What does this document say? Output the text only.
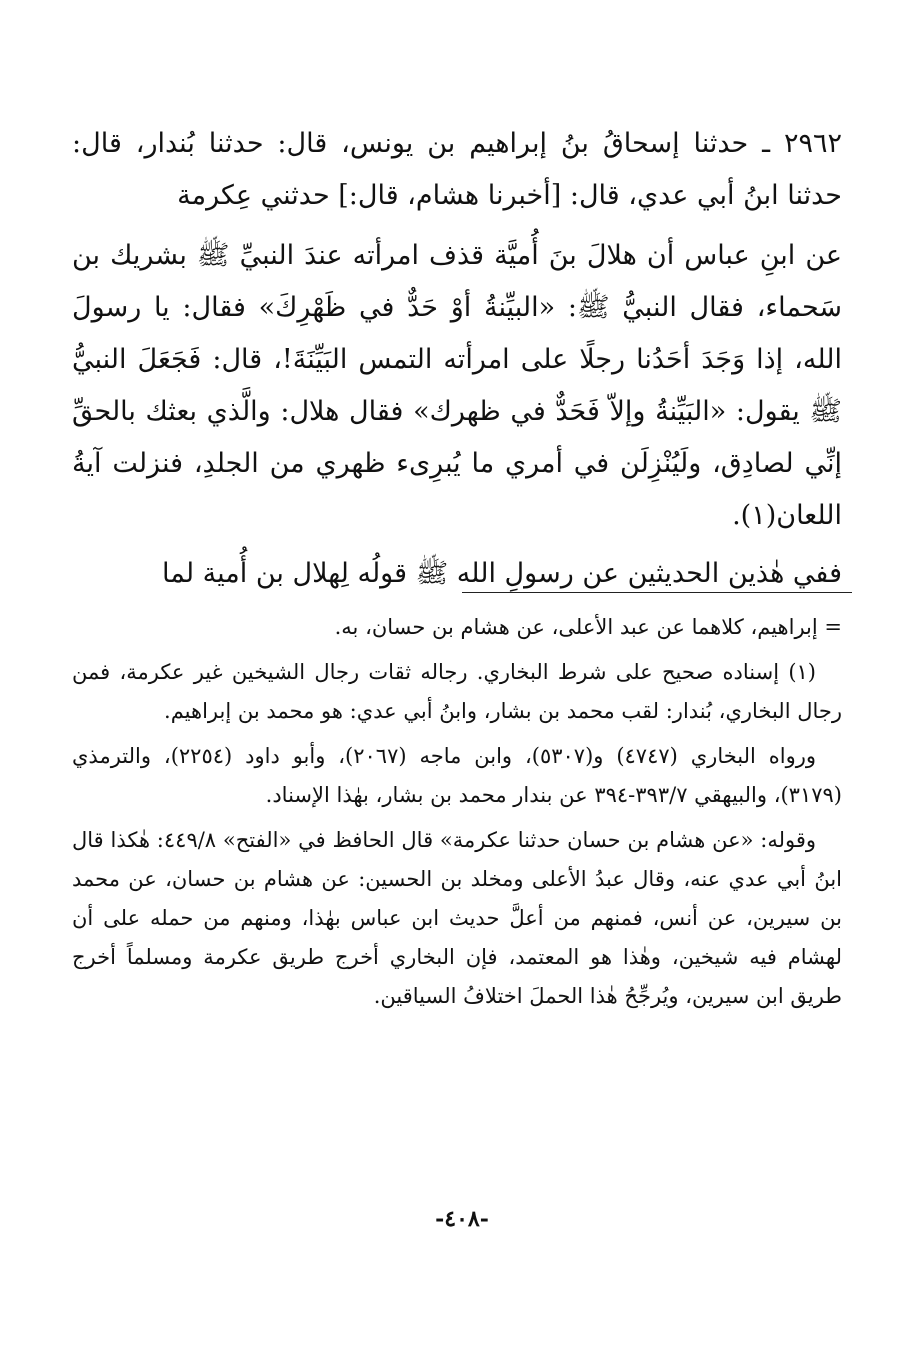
٢٩٦٢ ـ حدثنا إسحاقُ بنُ إبراهيم بن يونس، قال: حدثنا بُندار، قال: حدثنا ابنُ أبي عدي، قال: [أخبرنا هشام، قال:] حدثني عِكرمة
عن ابنِ عباس أن هلالَ بنَ أُميَّة قذف امرأته عندَ النبيِّ ﷺ بشريك بن سَحماء، فقال النبيُّ ﷺ: «البيِّنةُ أوْ حَدٌّ في ظَهْرِكَ» فقال: يا رسولَ الله، إذا وَجَدَ أحَدُنا رجلًا على امرأته التمس البَيِّنَةَ!، قال: فَجَعَلَ النبيُّ ﷺ يقول: «البَيِّنةُ وإلاّ فَحَدٌّ في ظهرك» فقال هلال: والَّذي بعثك بالحقِّ إنِّي لصادِق، ولَيُنْزِلَن في أمري ما يُبرِىء ظهري من الجلدِ، فنزلت آيةُ اللعان(١).
ففي هٰذين الحديثين عن رسولِ الله ﷺ قولُه لِهلال بن أُمية لما

= إبراهيم، كلاهما عن عبد الأعلى، عن هشام بن حسان، به.

(١) إسناده صحيح على شرط البخاري. رجاله ثقات رجال الشيخين غير عكرمة، فمن رجال البخاري، بُندار: لقب محمد بن بشار، وابنُ أبي عدي: هو محمد بن إبراهيم.

ورواه البخاري (٤٧٤٧) و(٥٣٠٧)، وابن ماجه (٢٠٦٧)، وأبو داود (٢٢٥٤)، والترمذي (٣١٧٩)، والبيهقي ٣٩٣/٧-٣٩٤ عن بندار محمد بن بشار، بهٰذا الإسناد.

وقوله: «عن هشام بن حسان حدثنا عكرمة» قال الحافظ في «الفتح» ٤٤٩/٨: هٰكذا قال ابنُ أبي عدي عنه، وقال عبدُ الأعلى ومخلد بن الحسين: عن هشام بن حسان، عن محمد بن سيرين، عن أنس، فمنهم من أعلَّ حديث ابن عباس بهٰذا، ومنهم من حمله على أن لهشام فيه شيخين، وهٰذا هو المعتمد، فإن البخاري أخرج طريق عكرمة ومسلماً أخرج طريق ابن سيرين، ويُرجِّحُ هٰذا الحملَ اختلافُ السياقين.

-٤٠٨-
